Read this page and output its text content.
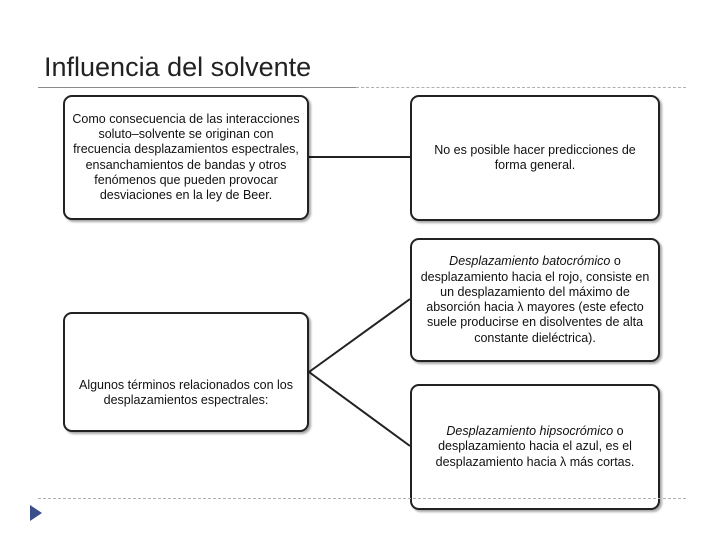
Influencia del solvente
Como consecuencia de las interacciones soluto–solvente se originan con frecuencia desplazamientos espectrales, ensanchamientos de bandas y otros fenómenos que pueden provocar desviaciones en la ley de Beer.
No es posible hacer predicciones de forma general.
Algunos términos relacionados con los desplazamientos espectrales:
Desplazamiento batocrómico o desplazamiento hacia el rojo, consiste en un desplazamiento del máximo de absorción hacia λ mayores (este efecto suele producirse en disolventes de alta constante dieléctrica).
Desplazamiento hipsocrómico o desplazamiento hacia el azul, es el desplazamiento hacia λ más cortas.
